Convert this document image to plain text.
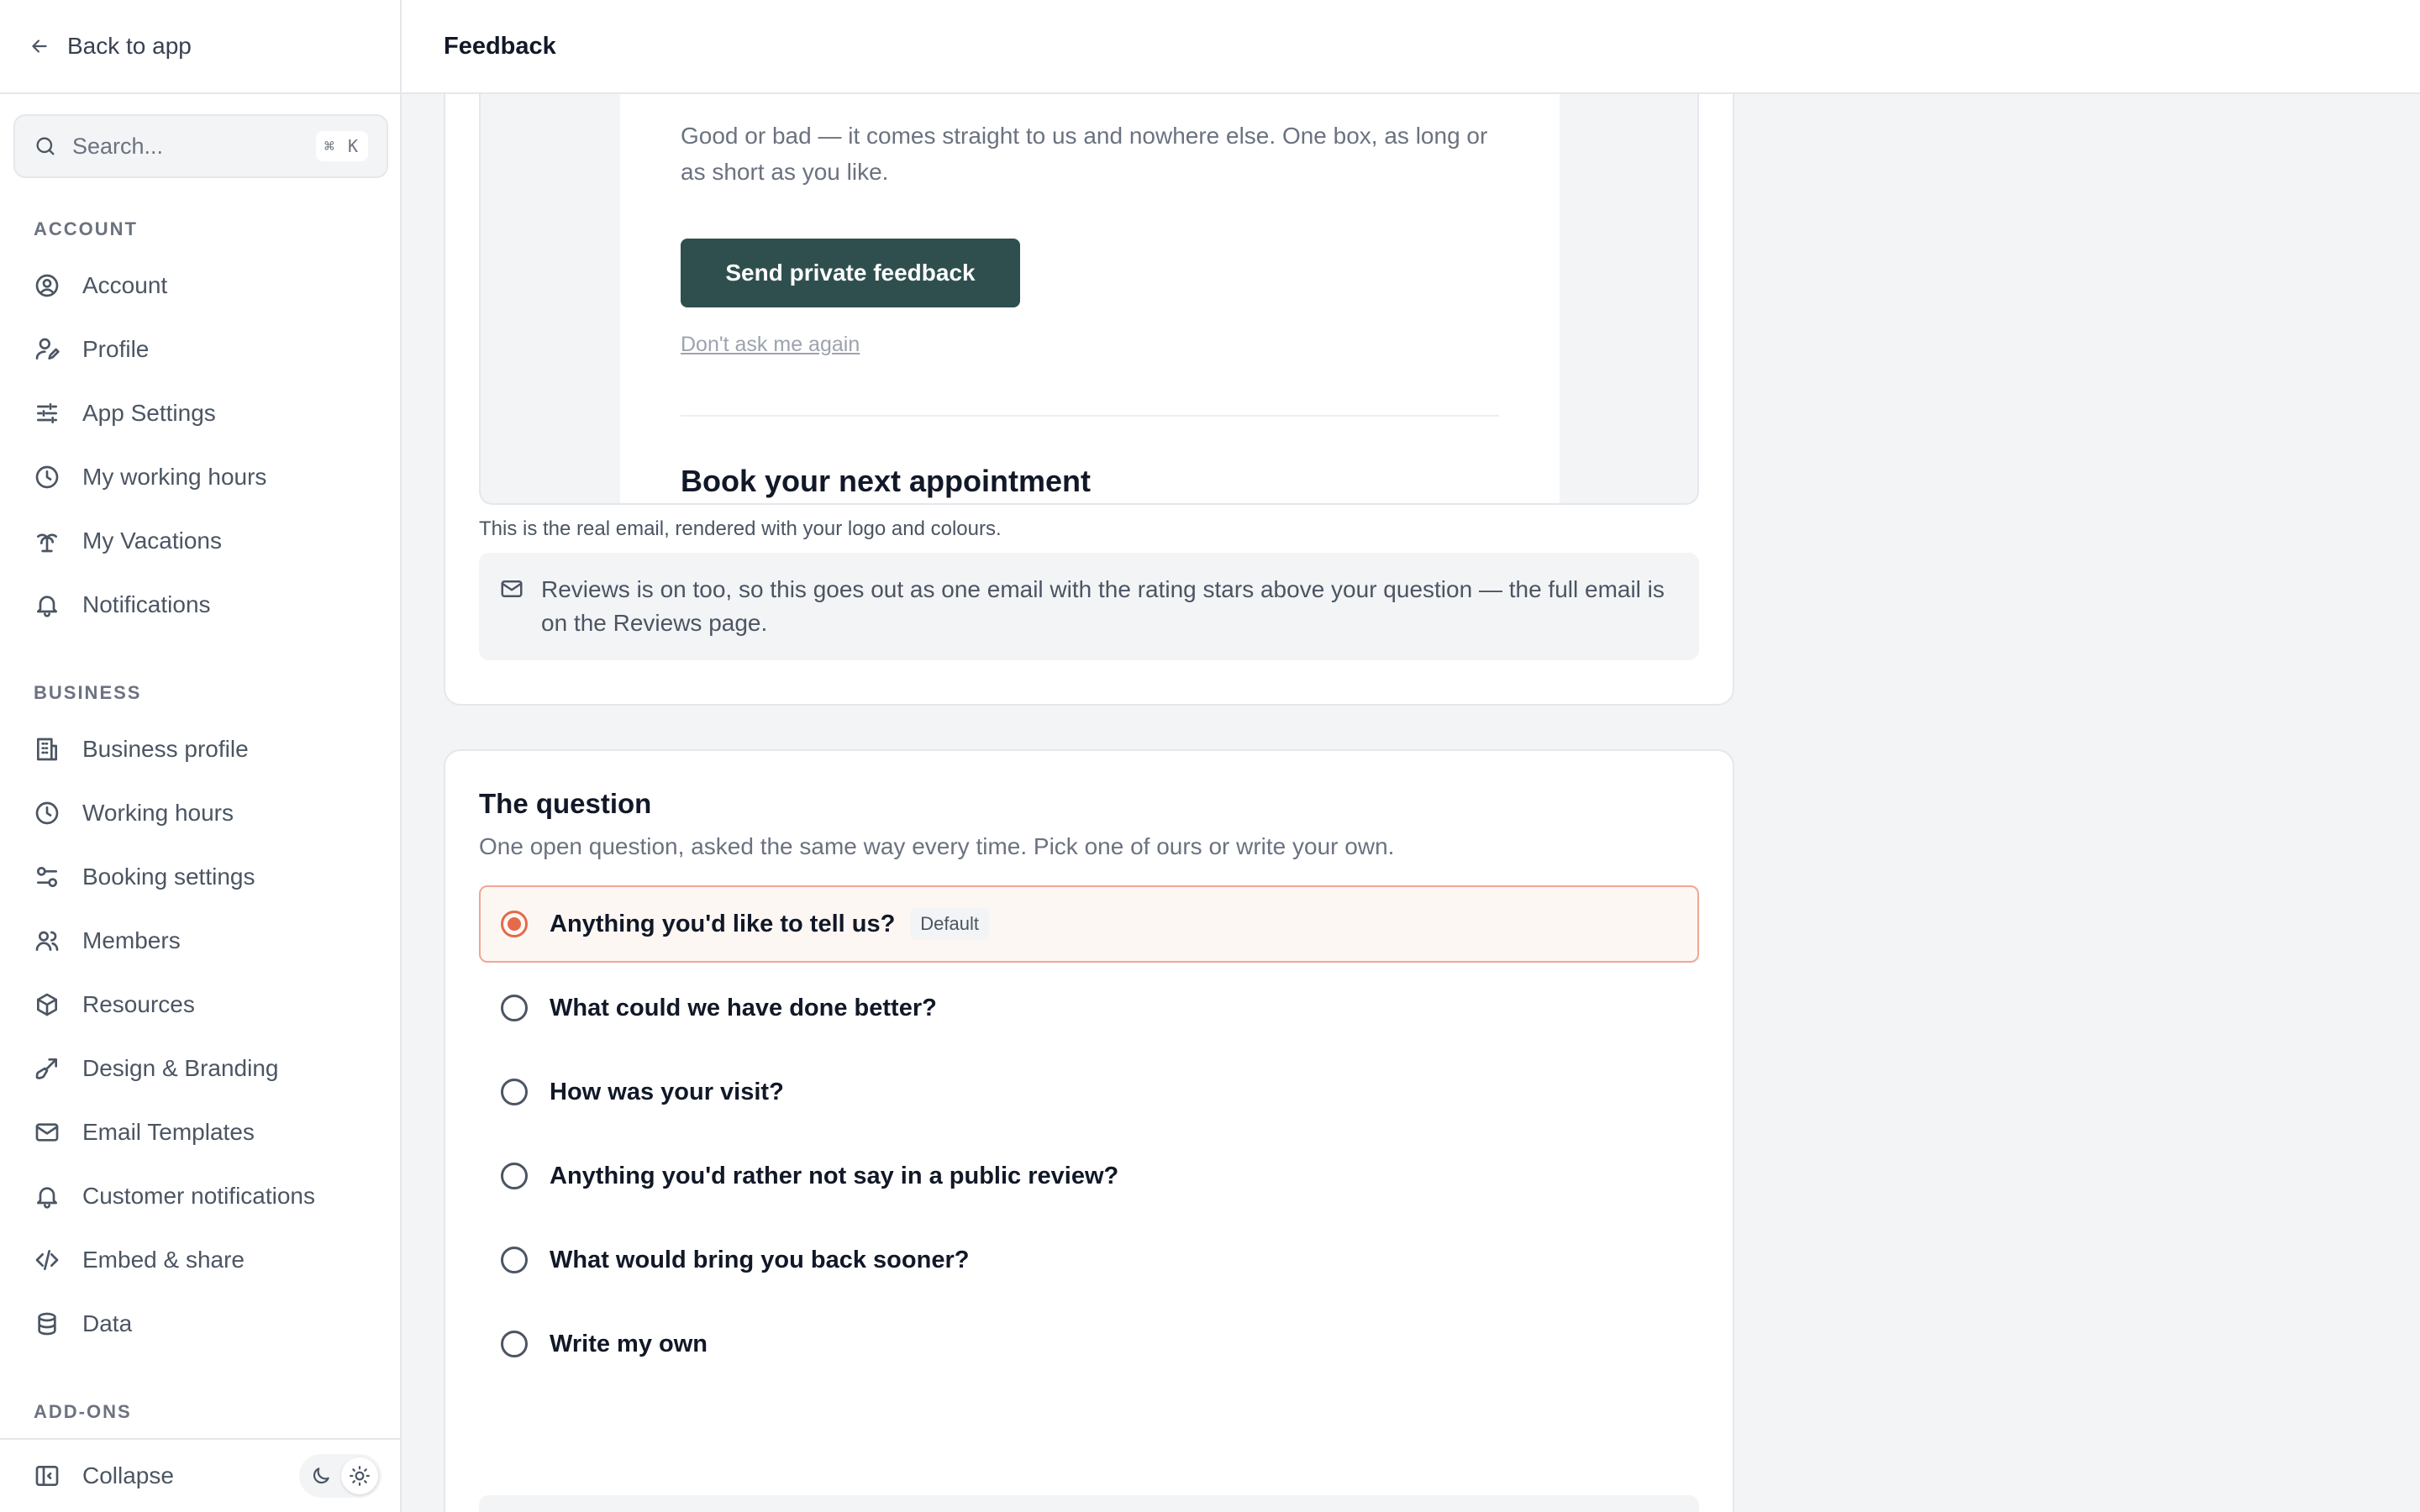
Back to app
Search...	⌘ K
ACCOUNT
Account
Profile
App Settings
My working hours
My Vacations
Notifications
BUSINESS
Business profile
Working hours
Booking settings
Members
Resources
Design & Branding
Email Templates
Customer notifications
Embed & share
Data
ADD-ONS
Collapse
Feedback

Good or bad — it comes straight to us and nowhere else. One box, as long or as short as you like.

Send private feedback
Don't ask me again
Book your next appointment

This is the real email, rendered with your logo and colours.

Reviews is on too, so this goes out as one email with the rating stars above your question — the full email is on the Reviews page.

The question

One open question, asked the same way every time. Pick one of ours or write your own.

Anything you'd like to tell us?	Default
What could we have done better?
How was your visit?
Anything you'd rather not say in a public review?
What would bring you back sooner?
Write my own
